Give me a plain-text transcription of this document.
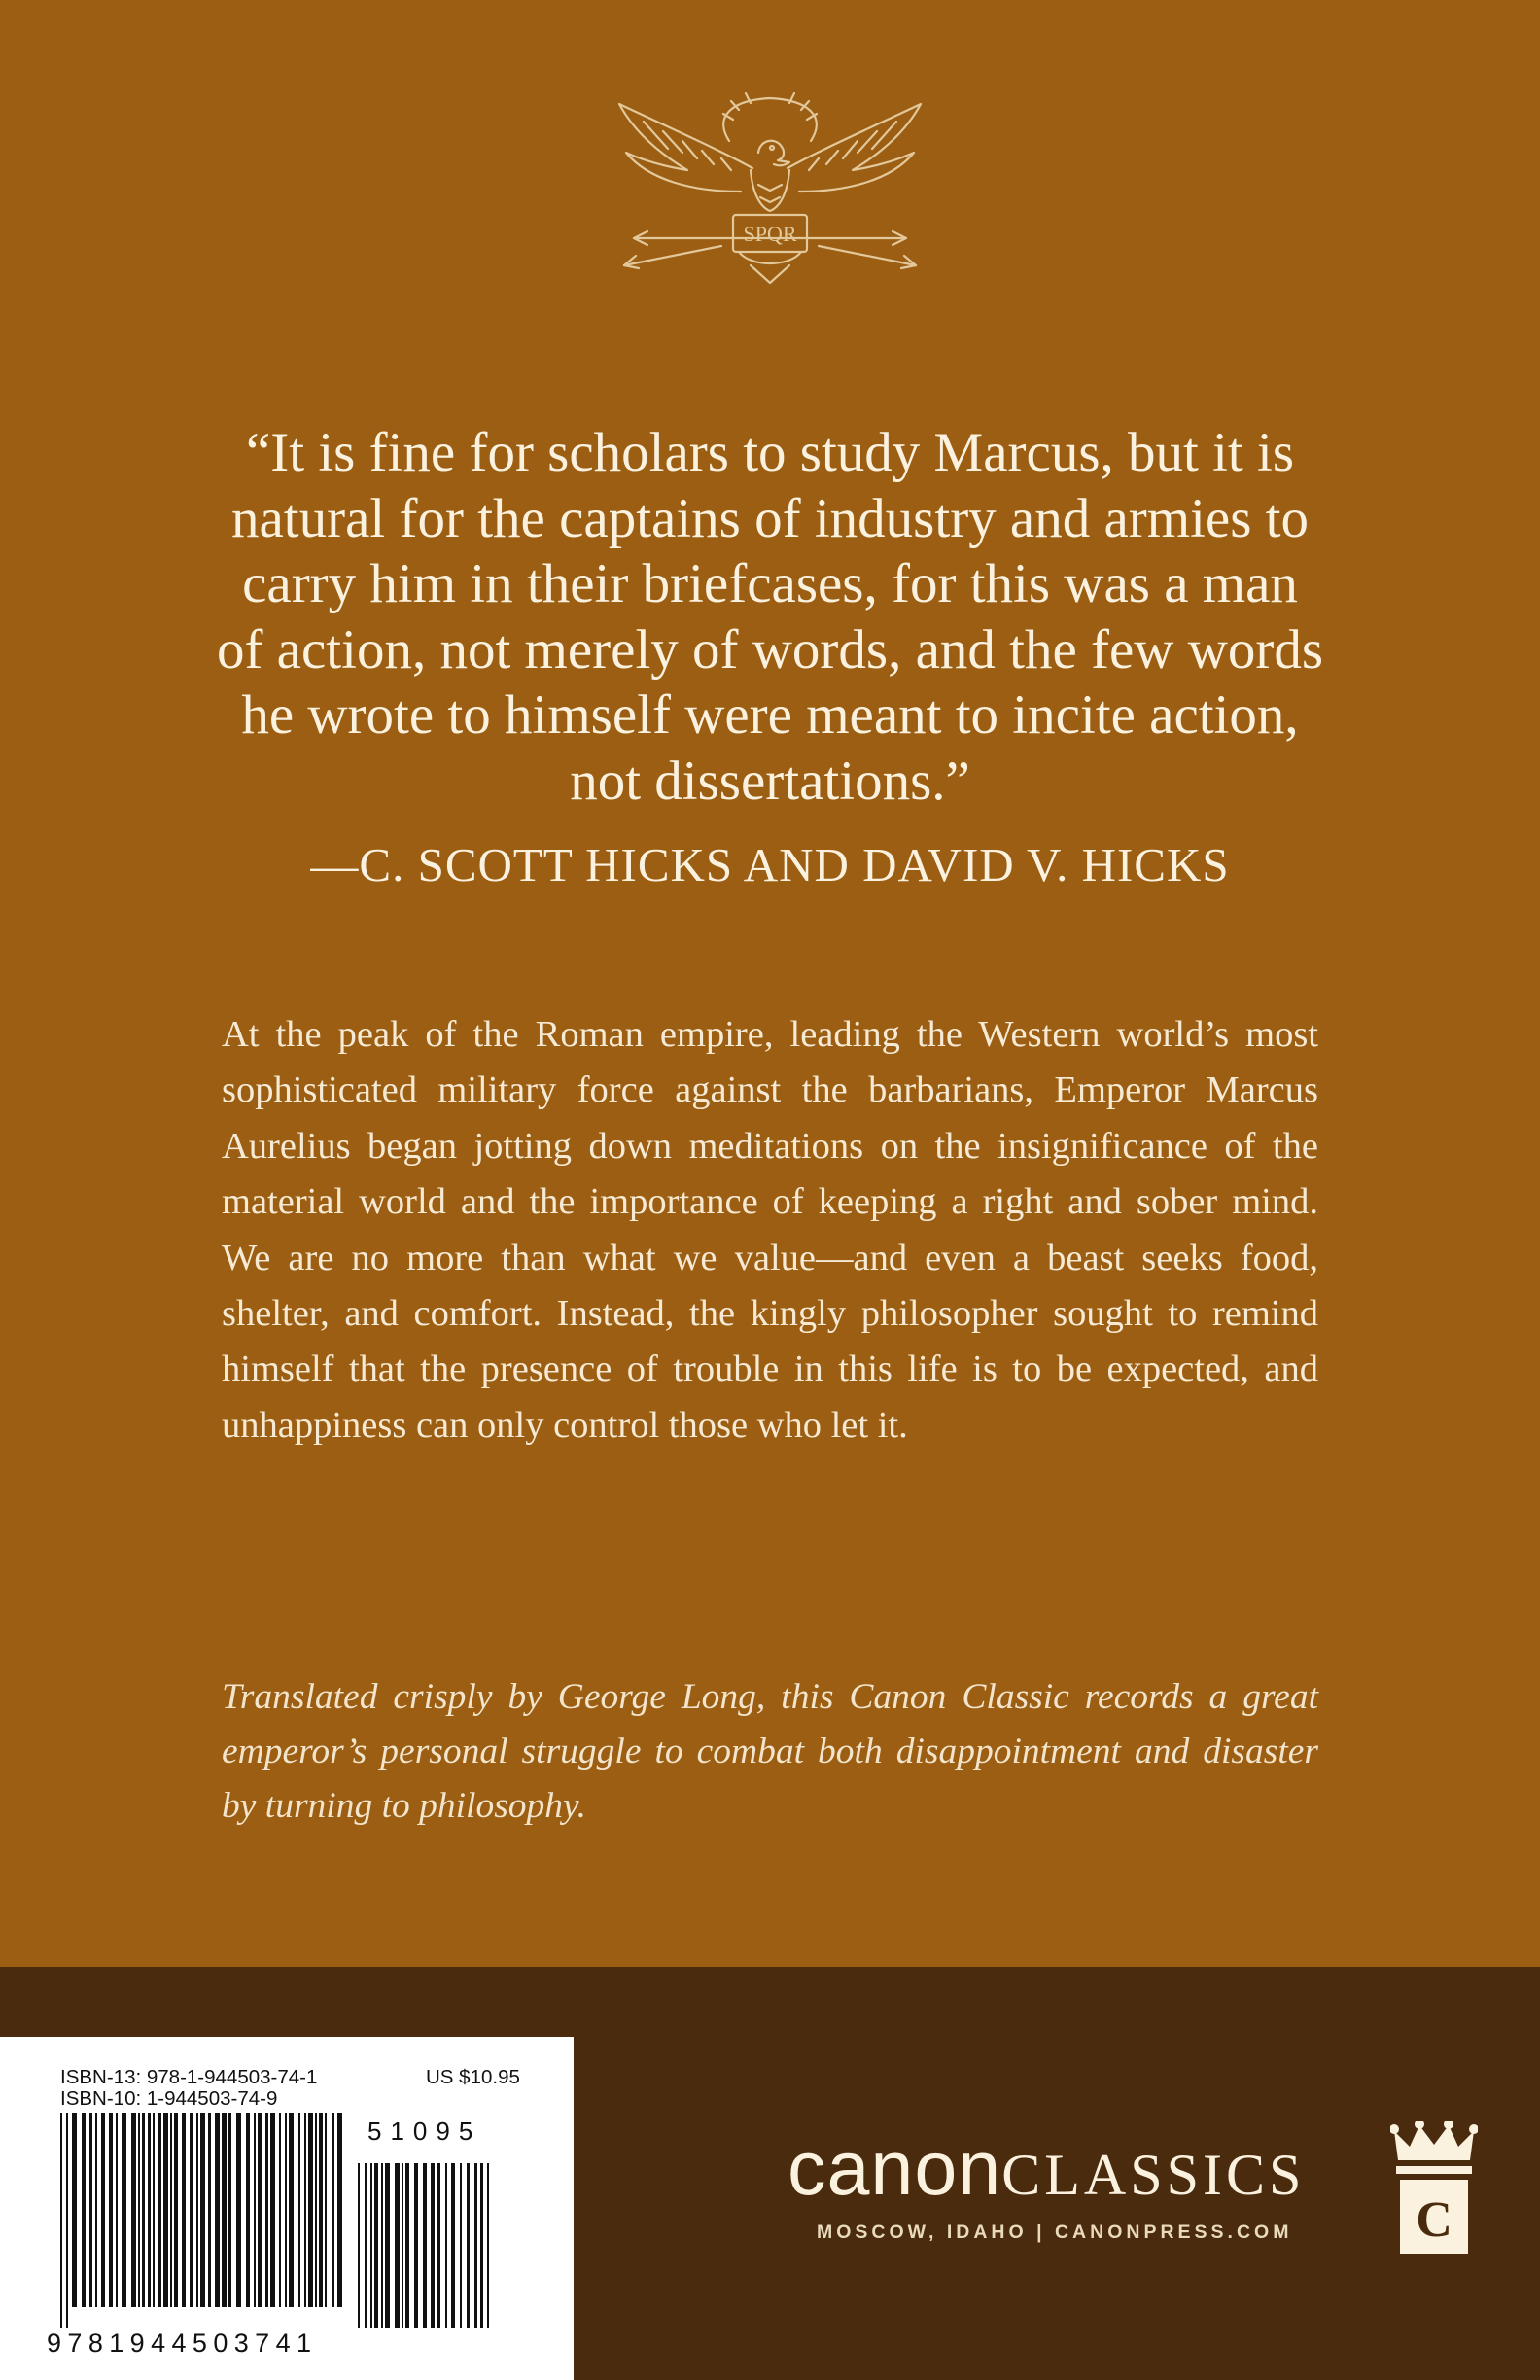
SPQR
“It is fine for scholars to study Marcus, but it is
natural for the captains of industry and armies to
carry him in their briefcases, for this was a man
of action, not merely of words, and the few words
he wrote to himself were meant to incite action,
not dissertations.”
—C. SCOTT HICKS AND DAVID V. HICKS
At the peak of the Roman empire, leading the Western world’s most sophisticated military force against the barbarians, Emperor Marcus Aurelius began jotting down meditations on the insignificance of the material world and the importance of keeping a right and sober mind. We are no more than what we value—and even a beast seeks food, shelter, and comfort. Instead, the kingly philosopher sought to remind himself that the presence of trouble in this life is to be expected, and unhappiness can only control those who let it.
Translated crisply by George Long, this Canon Classic records a great emperor’s personal struggle to combat both disappointment and disaster by turning to philosophy.
ISBN-13: 978-1-944503-74-1
ISBN-10: 1-944503-74-9
US $10.95
51095
9781944503741
canonCLASSICS
MOSCOW, IDAHO | CANONPRESS.COM C
